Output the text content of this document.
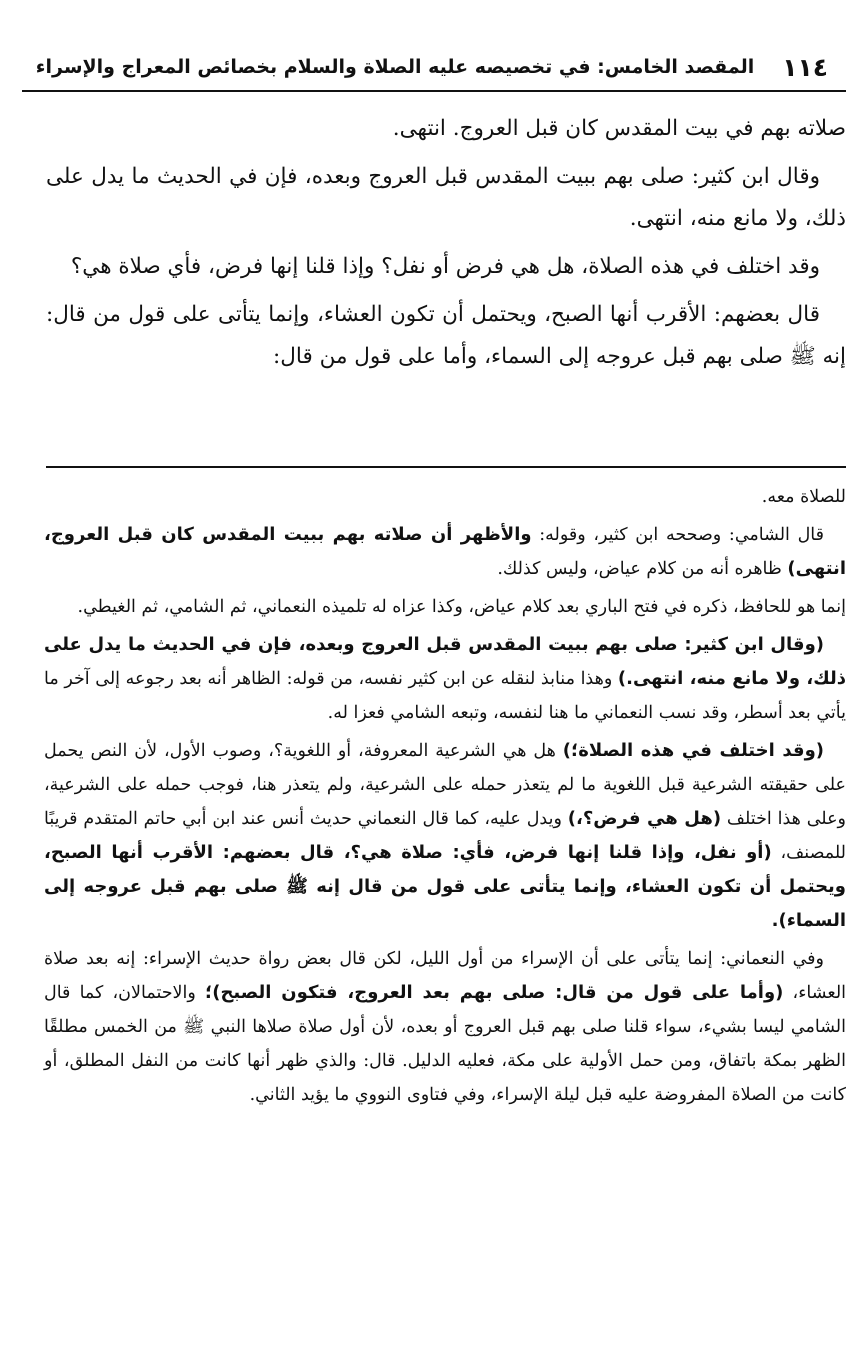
١١٤
المقصد الخامس: في تخصيصه عليه الصلاة والسلام بخصائص المعراج والإسراء

صلاته بهم في بيت المقدس كان قبل العروج. انتهى.

وقال ابن كثير: صلى بهم ببيت المقدس قبل العروج وبعده، فإن في الحديث ما يدل على ذلك، ولا مانع منه، انتهى.

وقد اختلف في هذه الصلاة، هل هي فرض أو نفل؟ وإذا قلنا إنها فرض، فأي صلاة هي؟

قال بعضهم: الأقرب أنها الصبح، ويحتمل أن تكون العشاء، وإنما يتأتى على قول من قال: إنه ﷺ صلى بهم قبل عروجه إلى السماء، وأما على قول من قال:

للصلاة معه.

قال الشامي: وصححه ابن كثير، وقوله: والأظهر أن صلاته بهم ببيت المقدس كان قبل العروج، انتهى) ظاهره أنه من كلام عياض، وليس كذلك.

إنما هو للحافظ، ذكره في فتح الباري بعد كلام عياض، وكذا عزاه له تلميذه النعماني، ثم الشامي، ثم الغيطي.

(وقال ابن كثير: صلى بهم ببيت المقدس قبل العروج وبعده، فإن في الحديث ما يدل على ذلك، ولا مانع منه، انتهى.) وهذا منابذ لنقله عن ابن كثير نفسه، من قوله: الظاهر أنه بعد رجوعه إلى آخر ما يأتي بعد أسطر، وقد نسب النعماني ما هنا لنفسه، وتبعه الشامي فعزا له.

(وقد اختلف في هذه الصلاة؛) هل هي الشرعية المعروفة، أو اللغوية؟، وصوب الأول، لأن النص يحمل على حقيقته الشرعية قبل اللغوية ما لم يتعذر حمله على الشرعية، ولم يتعذر هنا، فوجب حمله على الشرعية، وعلى هذا اختلف (هل هي فرض؟،) ويدل عليه، كما قال النعماني حديث أنس عند ابن أبي حاتم المتقدم قريبًا للمصنف، (أو نفل، وإذا قلنا إنها فرض، فأي: صلاة هي؟، قال بعضهم: الأقرب أنها الصبح، ويحتمل أن تكون العشاء، وإنما يتأتى على قول من قال إنه ﷺ صلى بهم قبل عروجه إلى السماء).

وفي النعماني: إنما يتأتى على أن الإسراء من أول الليل، لكن قال بعض رواة حديث الإسراء: إنه بعد صلاة العشاء، (وأما على قول من قال: صلى بهم بعد العروج، فتكون الصبح)؛ والاحتمالان، كما قال الشامي ليسا بشيء، سواء قلنا صلى بهم قبل العروج أو بعده، لأن أول صلاة صلاها النبي ﷺ من الخمس مطلقًا الظهر بمكة باتفاق، ومن حمل الأولية على مكة، فعليه الدليل. قال: والذي ظهر أنها كانت من النفل المطلق، أو كانت من الصلاة المفروضة عليه قبل ليلة الإسراء، وفي فتاوى النووي ما يؤيد الثاني.
